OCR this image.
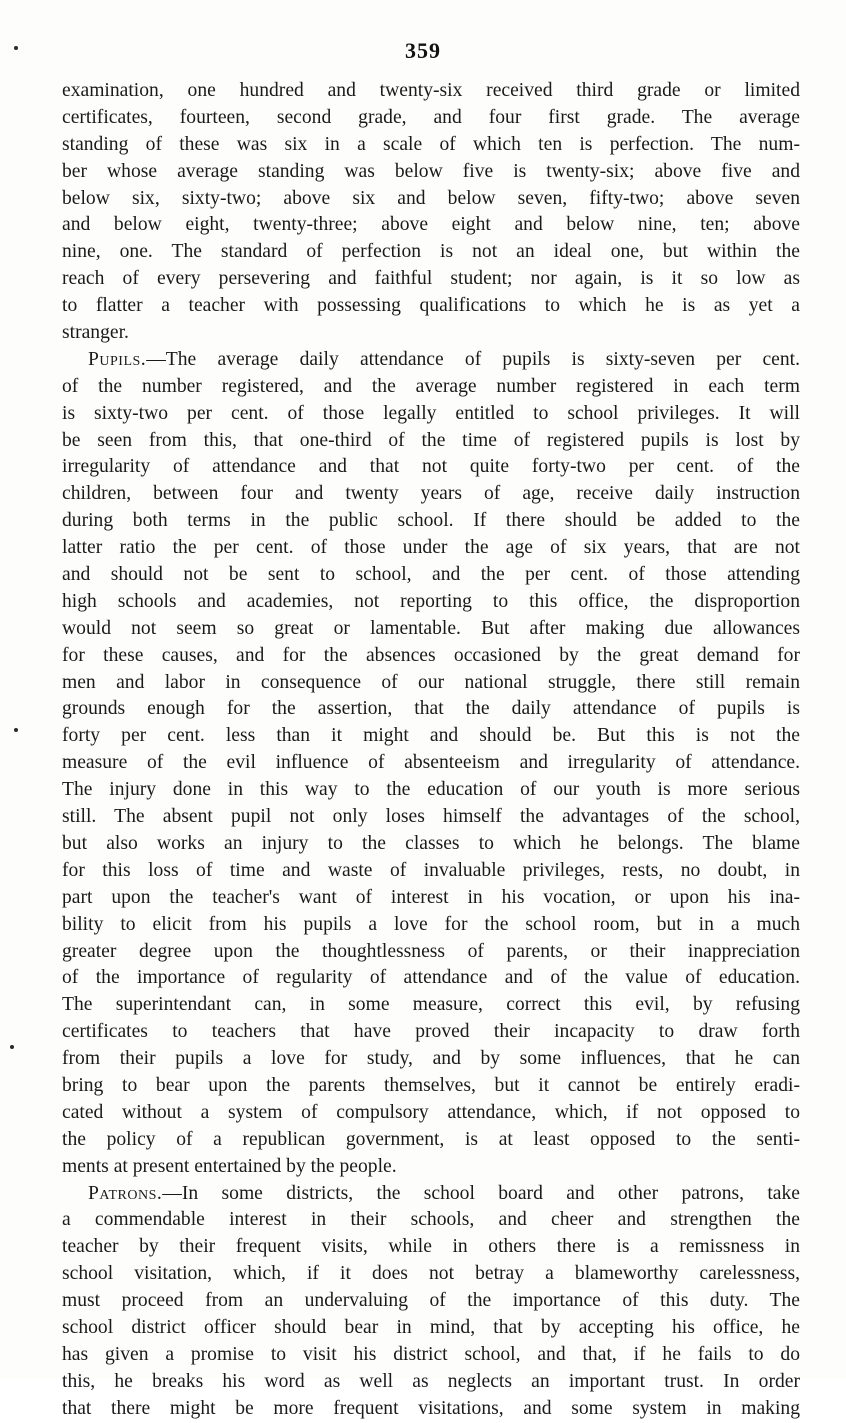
359
examination, one hundred and twenty-six received third grade or limited
certificates, fourteen, second grade, and four first grade. The average
standing of these was six in a scale of which ten is perfection. The num-
ber whose average standing was below five is twenty-six; above five and
below six, sixty-two; above six and below seven, fifty-two; above seven
and below eight, twenty-three; above eight and below nine, ten; above
nine, one. The standard of perfection is not an ideal one, but within the
reach of every persevering and faithful student; nor again, is it so low as
to flatter a teacher with possessing qualifications to which he is as yet a
stranger.
Pupils.—The average daily attendance of pupils is sixty-seven per cent.
of the number registered, and the average number registered in each term
is sixty-two per cent. of those legally entitled to school privileges. It will
be seen from this, that one-third of the time of registered pupils is lost by
irregularity of attendance and that not quite forty-two per cent. of the
children, between four and twenty years of age, receive daily instruction
during both terms in the public school. If there should be added to the
latter ratio the per cent. of those under the age of six years, that are not
and should not be sent to school, and the per cent. of those attending
high schools and academies, not reporting to this office, the disproportion
would not seem so great or lamentable. But after making due allowances
for these causes, and for the absences occasioned by the great demand for
men and labor in consequence of our national struggle, there still remain
grounds enough for the assertion, that the daily attendance of pupils is
forty per cent. less than it might and should be. But this is not the
measure of the evil influence of absenteeism and irregularity of attendance.
The injury done in this way to the education of our youth is more serious
still. The absent pupil not only loses himself the advantages of the school,
but also works an injury to the classes to which he belongs. The blame
for this loss of time and waste of invaluable privileges, rests, no doubt, in
part upon the teacher's want of interest in his vocation, or upon his ina-
bility to elicit from his pupils a love for the school room, but in a much
greater degree upon the thoughtlessness of parents, or their inappreciation
of the importance of regularity of attendance and of the value of education.
The superintendant can, in some measure, correct this evil, by refusing
certificates to teachers that have proved their incapacity to draw forth
from their pupils a love for study, and by some influences, that he can
bring to bear upon the parents themselves, but it cannot be entirely eradi-
cated without a system of compulsory attendance, which, if not opposed to
the policy of a republican government, is at least opposed to the senti-
ments at present entertained by the people.
Patrons.—In some districts, the school board and other patrons, take
a commendable interest in their schools, and cheer and strengthen the
teacher by their frequent visits, while in others there is a remissness in
school visitation, which, if it does not betray a blameworthy carelessness,
must proceed from an undervaluing of the importance of this duty. The
school district officer should bear in mind, that by accepting his office, he
has given a promise to visit his district school, and that, if he fails to do
this, he breaks his word as well as neglects an important trust. In order
that there might be more frequent visitations, and some system in making
